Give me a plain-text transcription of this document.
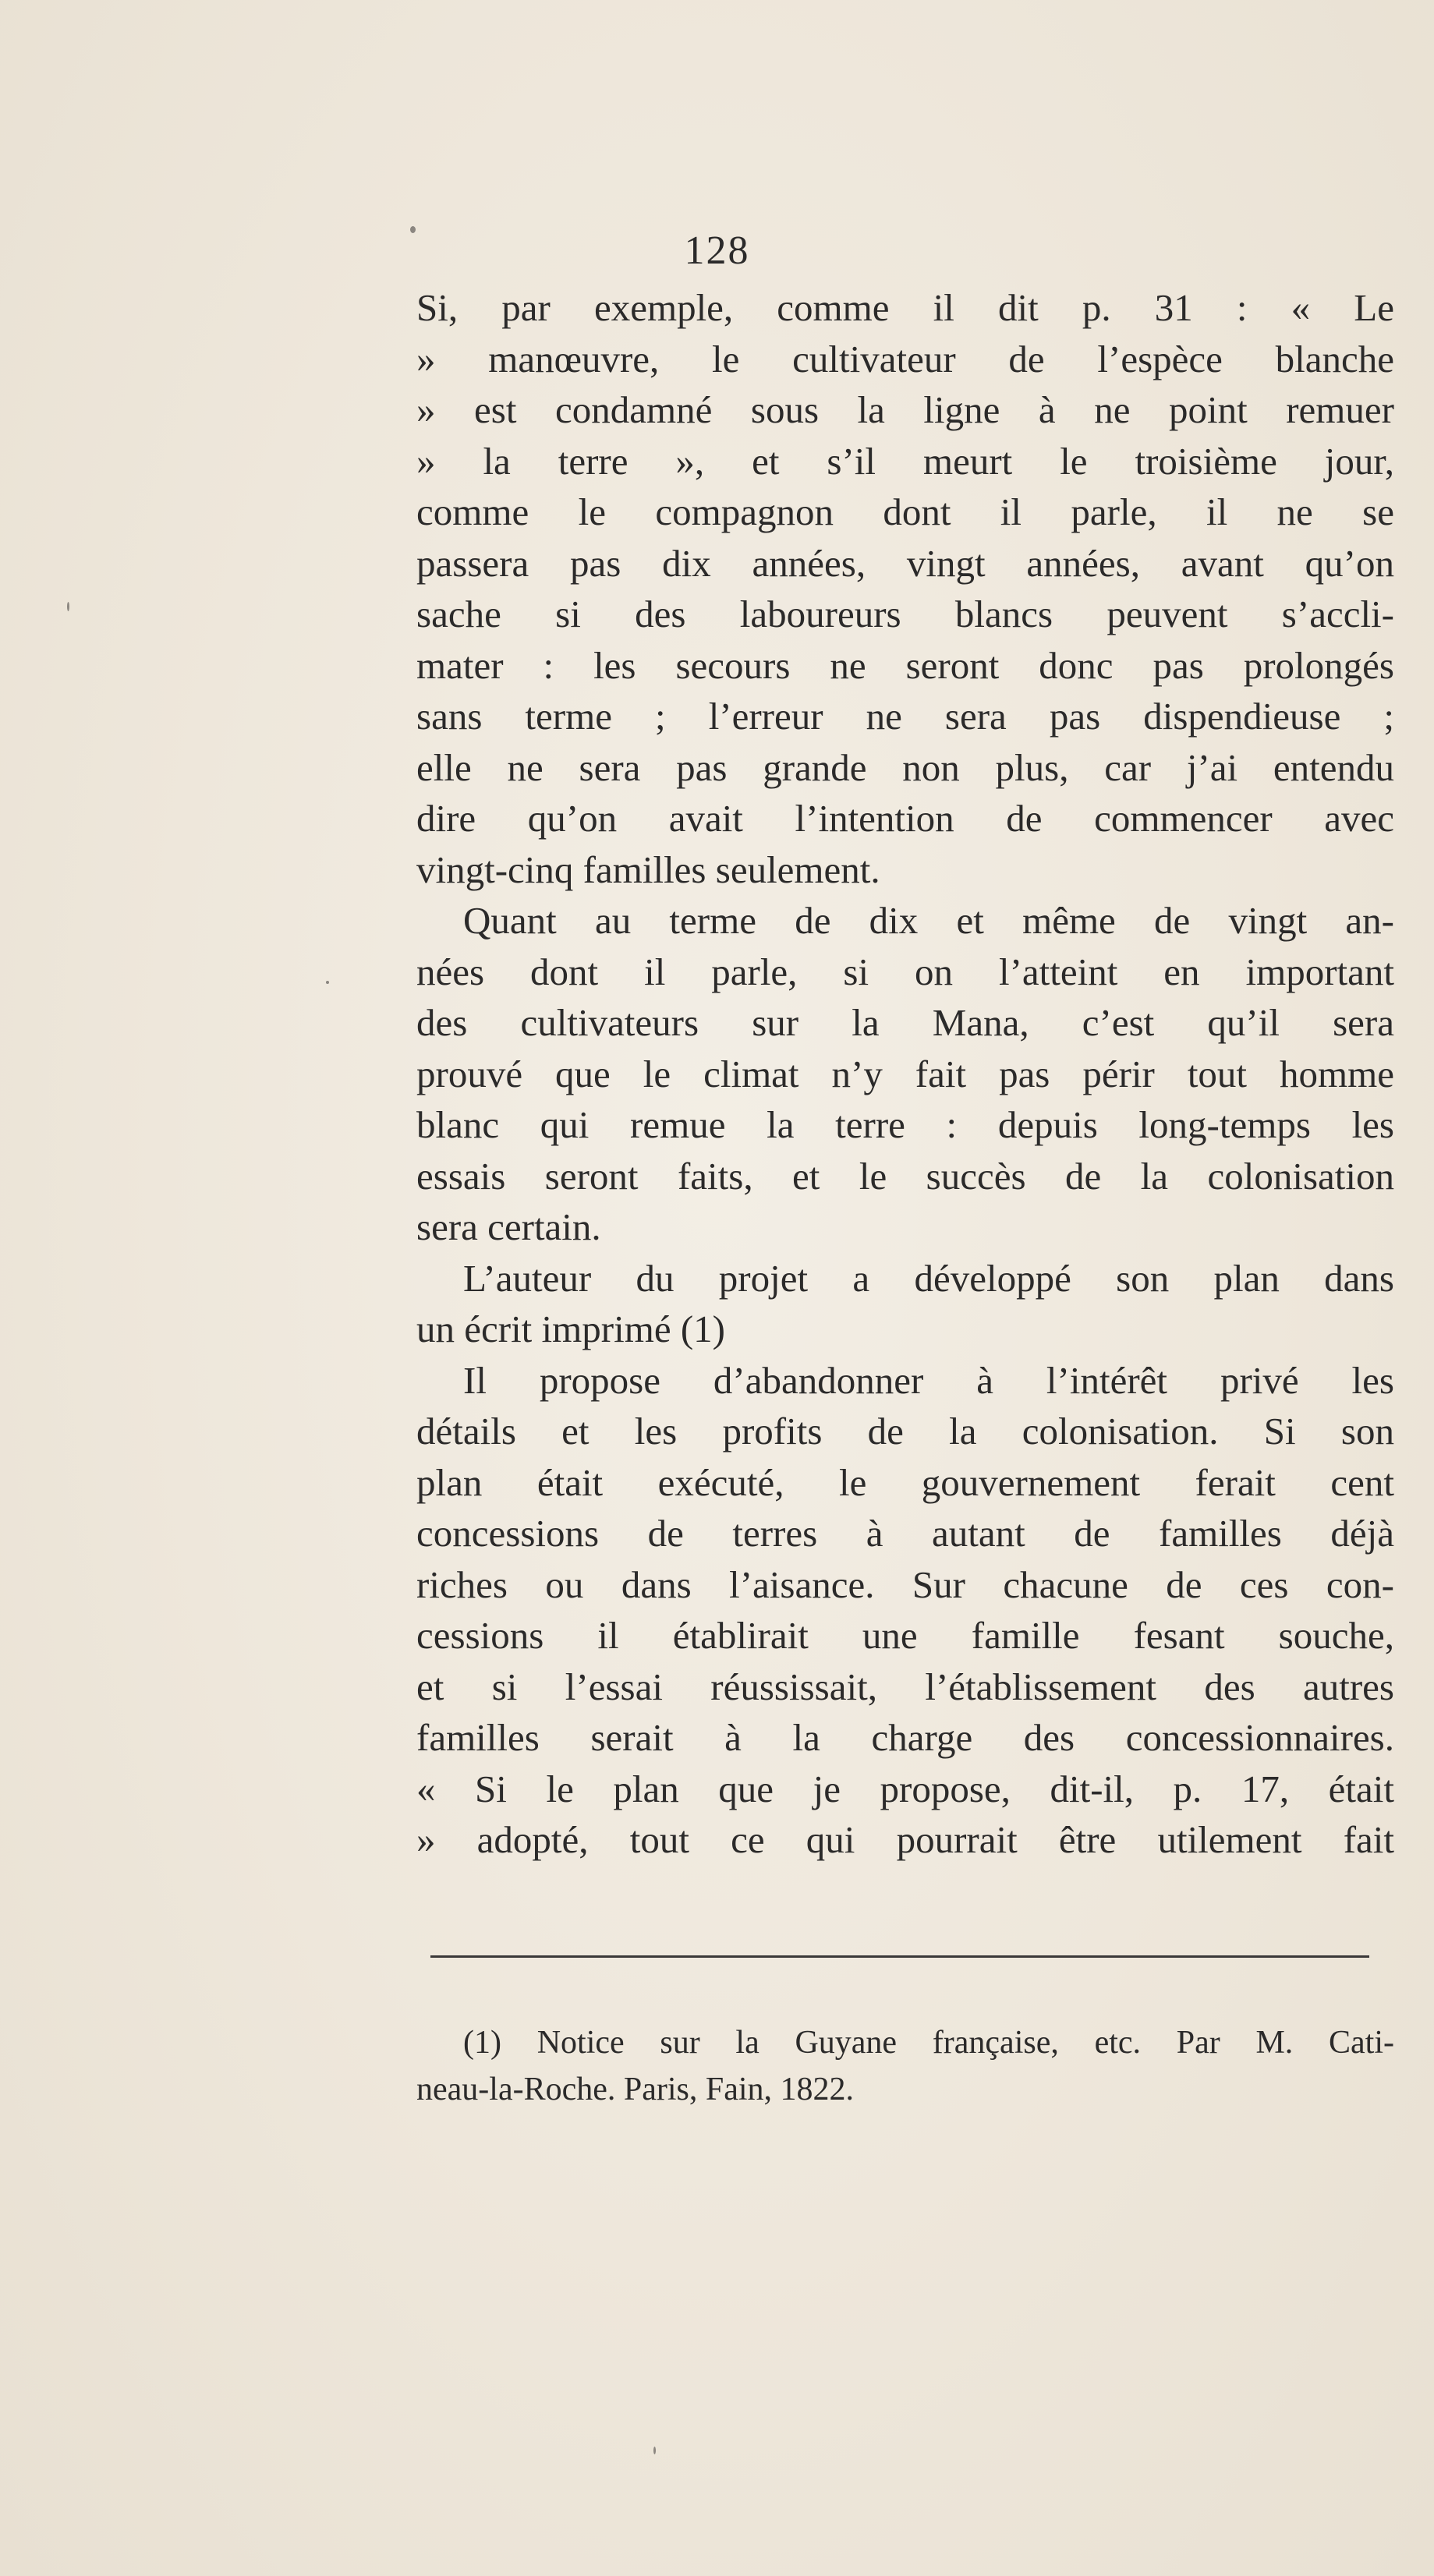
128
Si, par exemple, comme il dit p. 31 : « Le
» manœuvre, le cultivateur de l’espèce blanche
» est condamné sous la ligne à ne point remuer
» la terre », et s’il meurt le troisième jour,
comme le compagnon dont il parle, il ne se
passera pas dix années, vingt années, avant qu’on
sache si des laboureurs blancs peuvent s’accli-
mater : les secours ne seront donc pas prolongés
sans terme ; l’erreur ne sera pas dispendieuse ;
elle ne sera pas grande non plus, car j’ai entendu
dire qu’on avait l’intention de commencer avec
vingt-cinq familles seulement.
Quant au terme de dix et même de vingt an-
nées dont il parle, si on l’atteint en important
des cultivateurs sur la Mana, c’est qu’il sera
prouvé que le climat n’y fait pas périr tout homme
blanc qui remue la terre : depuis long-temps les
essais seront faits, et le succès de la colonisation
sera certain.
L’auteur du projet a développé son plan dans
un écrit imprimé (1)
Il propose d’abandonner à l’intérêt privé les
détails et les profits de la colonisation. Si son
plan était exécuté, le gouvernement ferait cent
concessions de terres à autant de familles déjà
riches ou dans l’aisance. Sur chacune de ces con-
cessions il établirait une famille fesant souche,
et si l’essai réussissait, l’établissement des autres
familles serait à la charge des concessionnaires.
« Si le plan que je propose, dit-il, p. 17, était
» adopté, tout ce qui pourrait être utilement fait
(1) Notice sur la Guyane française, etc. Par M. Cati-
neau-la-Roche. Paris, Fain, 1822.
